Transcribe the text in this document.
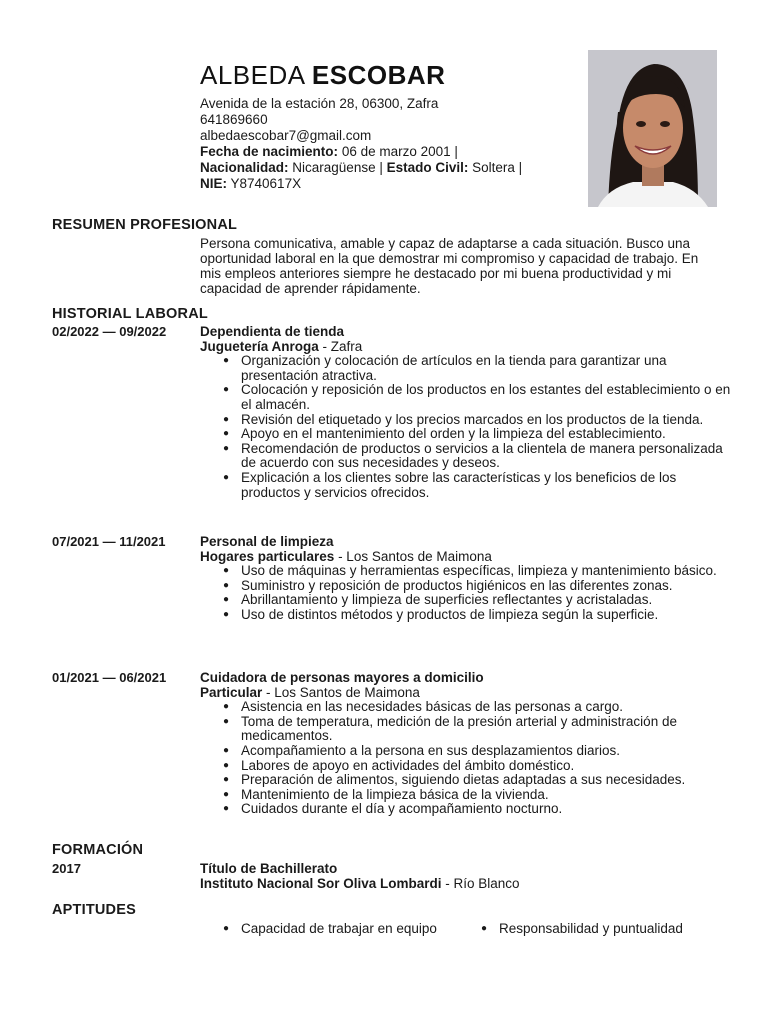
ALBEDA ESCOBAR
Avenida de la estación 28, 06300, Zafra
641869660
albedaescobar7@gmail.com
Fecha de nacimiento: 06 de marzo 2001 |
Nacionalidad: Nicaragüense | Estado Civil: Soltera |
NIE: Y8740617X
RESUMEN PROFESIONAL
Persona comunicativa, amable y capaz de adaptarse a cada situación. Busco una oportunidad laboral en la que demostrar mi compromiso y capacidad de trabajo. En mis empleos anteriores siempre he destacado por mi buena productividad y mi capacidad de aprender rápidamente.
HISTORIAL LABORAL
02/2022 — 09/2022	Dependienta de tienda
Juguetería Anroga - Zafra
● Organización y colocación de artículos en la tienda para garantizar una presentación atractiva.
● Colocación y reposición de los productos en los estantes del establecimiento o en el almacén.
● Revisión del etiquetado y los precios marcados en los productos de la tienda.
● Apoyo en el mantenimiento del orden y la limpieza del establecimiento.
● Recomendación de productos o servicios a la clientela de manera personalizada de acuerdo con sus necesidades y deseos.
● Explicación a los clientes sobre las características y los beneficios de los productos y servicios ofrecidos.
07/2021 — 11/2021	Personal de limpieza
Hogares particulares - Los Santos de Maimona
● Uso de máquinas y herramientas específicas, limpieza y mantenimiento básico.
● Suministro y reposición de productos higiénicos en las diferentes zonas.
● Abrillantamiento y limpieza de superficies reflectantes y acristaladas.
● Uso de distintos métodos y productos de limpieza según la superficie.
01/2021 — 06/2021	Cuidadora de personas mayores a domicilio
Particular - Los Santos de Maimona
● Asistencia en las necesidades básicas de las personas a cargo.
● Toma de temperatura, medición de la presión arterial y administración de medicamentos.
● Acompañamiento a la persona en sus desplazamientos diarios.
● Labores de apoyo en actividades del ámbito doméstico.
● Preparación de alimentos, siguiendo dietas adaptadas a sus necesidades.
● Mantenimiento de la limpieza básica de la vivienda.
● Cuidados durante el día y acompañamiento nocturno.
FORMACIÓN
2017	Título de Bachillerato
Instituto Nacional Sor Oliva Lombardi - Río Blanco
APTITUDES
● Capacidad de trabajar en equipo
●	Responsabilidad y puntualidad
